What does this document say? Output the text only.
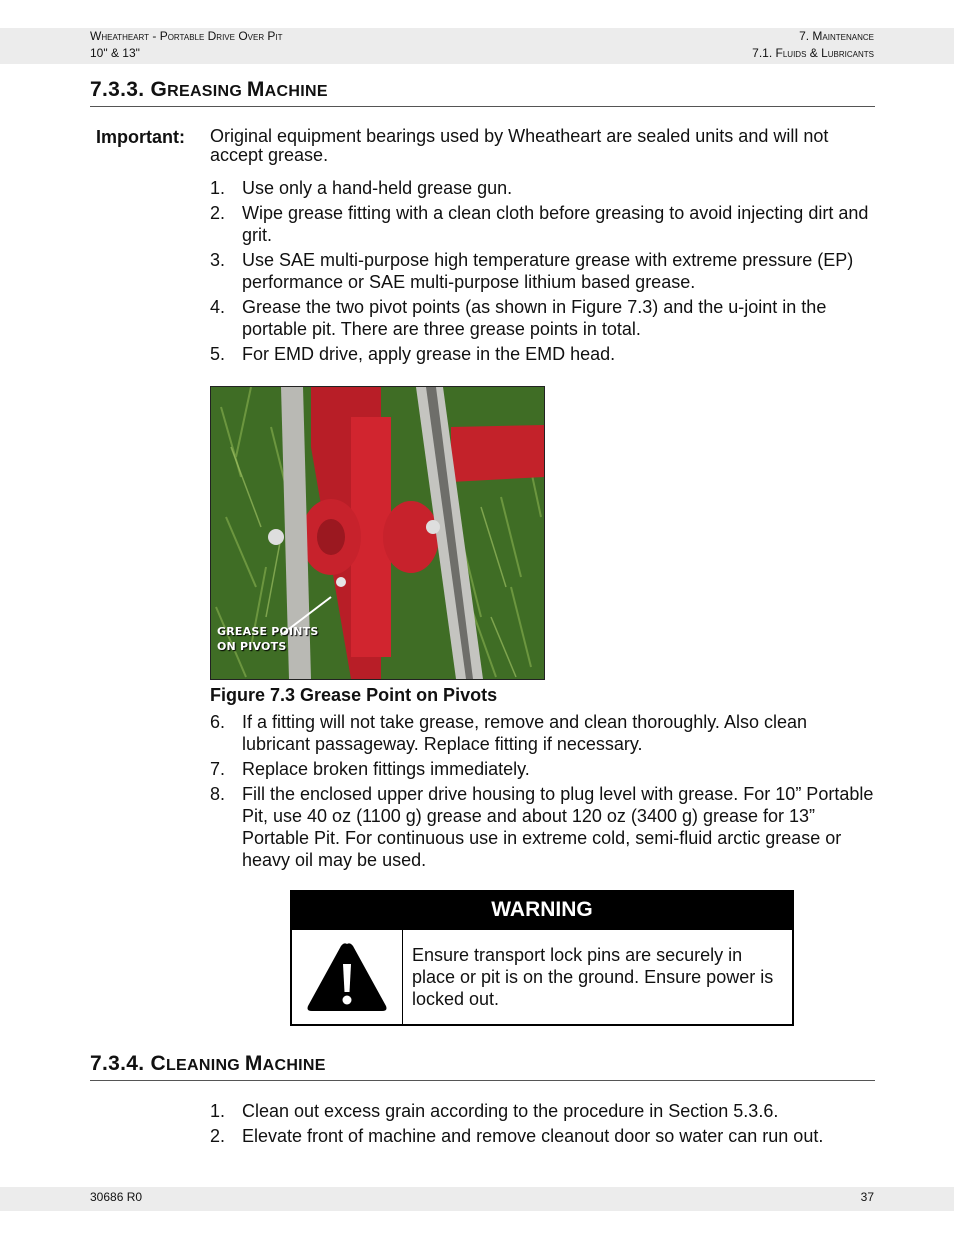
Wheatheart - Portable Drive Over Pit
10" & 13"
7. Maintenance
7.1. Fluids & Lubricants
7.3.3. GREASING MACHINE
Important: Original equipment bearings used by Wheatheart are sealed units and will not accept grease.
1. Use only a hand-held grease gun.
2. Wipe grease fitting with a clean cloth before greasing to avoid injecting dirt and grit.
3. Use SAE multi-purpose high temperature grease with extreme pressure (EP) performance or SAE multi-purpose lithium based grease.
4. Grease the two pivot points (as shown in Figure 7.3) and the u-joint in the portable pit. There are three grease points in total.
5. For EMD drive, apply grease in the EMD head.
GREASE POINTS
ON PIVOTS
Figure 7.3 Grease Point on Pivots
6. If a fitting will not take grease, remove and clean thoroughly. Also clean lubricant passageway. Replace fitting if necessary.
7. Replace broken fittings immediately.
8. Fill the enclosed upper drive housing to plug level with grease. For 10” Portable Pit, use 40 oz (1100 g) grease and about 120 oz (3400 g) grease for 13” Portable Pit. For continuous use in extreme cold, semi-fluid arctic grease or heavy oil may be used.
WARNING
Ensure transport lock pins are securely in place or pit is on the ground. Ensure power is locked out.
7.3.4. CLEANING MACHINE
1. Clean out excess grain according to the procedure in Section 5.3.6.
2. Elevate front of machine and remove cleanout door so water can run out.
30686 R0	37
